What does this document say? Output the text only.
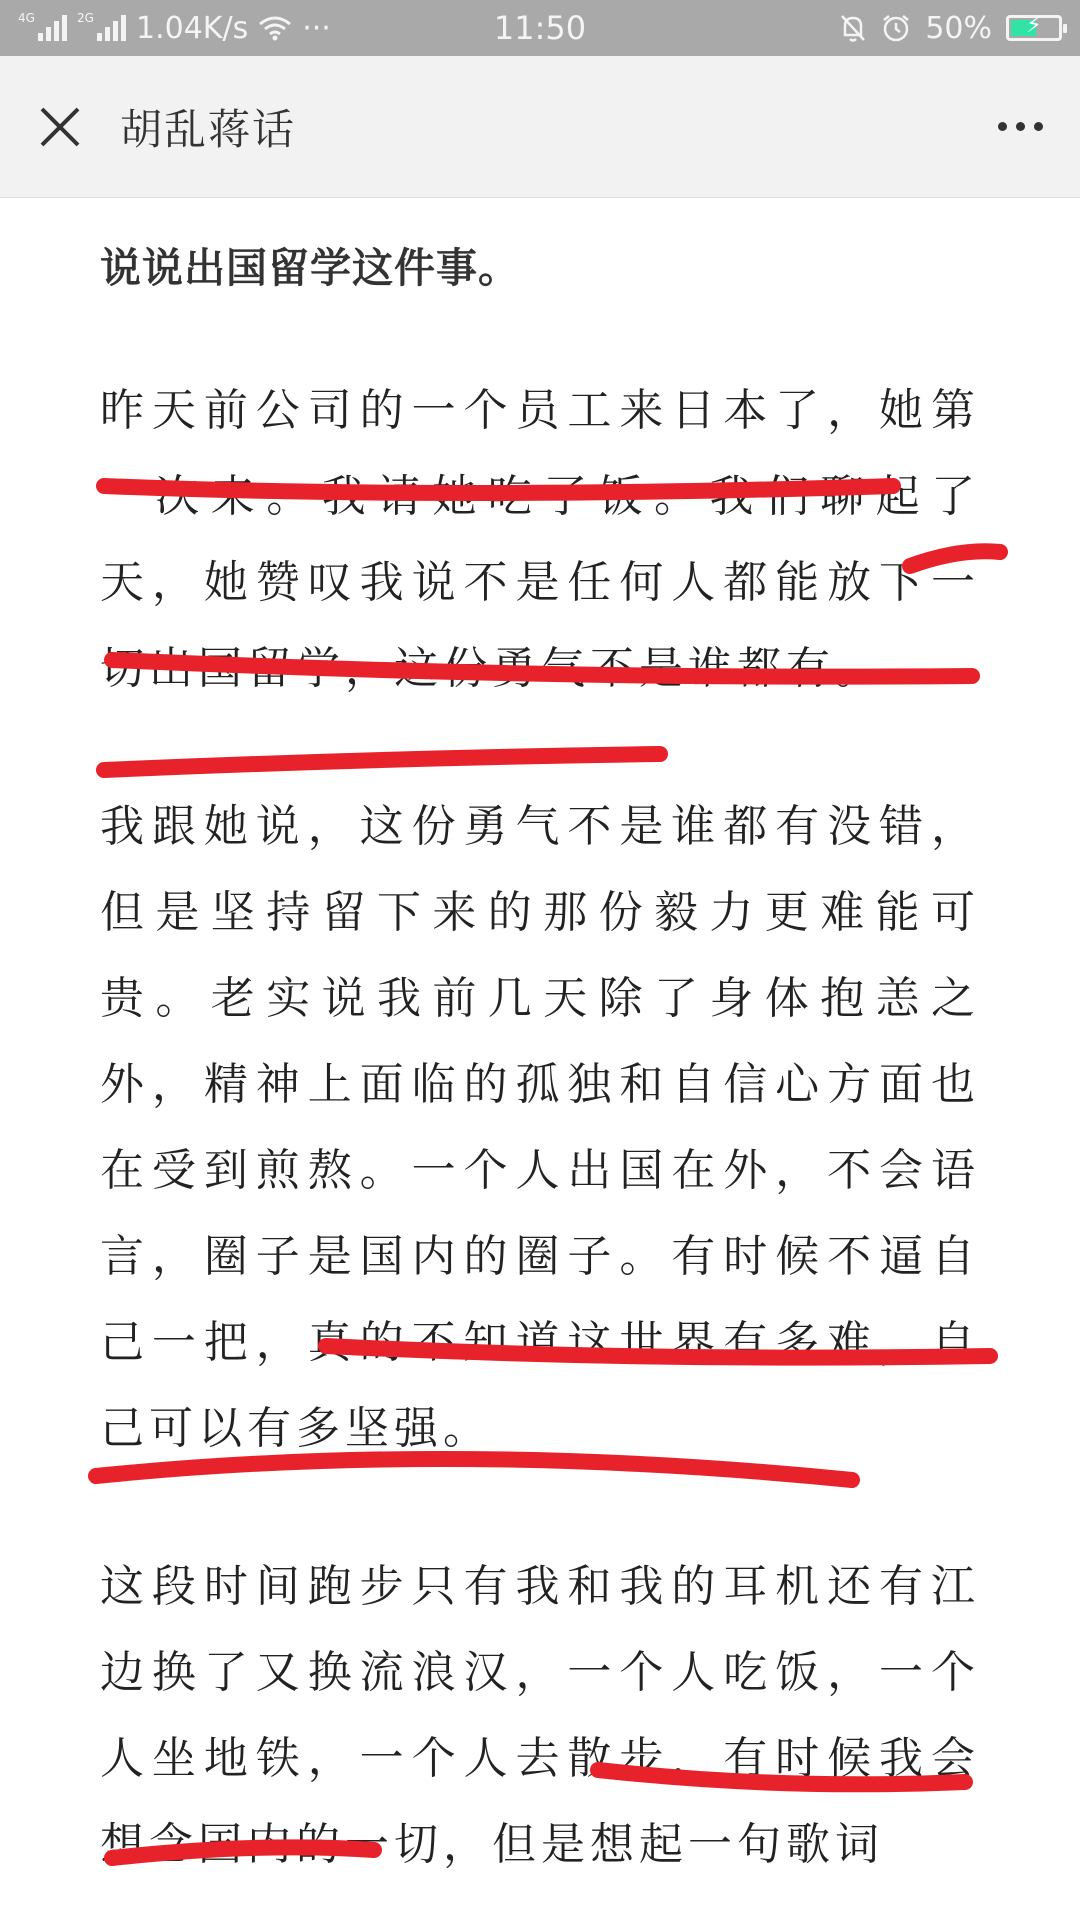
4G	2G 1.04K/s ···	11:50	50%	⚡
胡乱蒋话
说说出国留学这件事。

昨天前公司的一个员工来日本了，她第一次来。我请她吃了饭。我们聊起了天，她赞叹我说不是任何人都能放下一切出国留学，这份勇气不是谁都有。

我跟她说，这份勇气不是谁都有没错，但是坚持留下来的那份毅力更难能可贵。老实说我前几天除了身体抱恙之外，精神上面临的孤独和自信心方面也在受到煎熬。一个人出国在外，不会语言，圈子是国内的圈子。有时候不逼自己一把，真的不知道这世界有多难，自己可以有多坚强。

这段时间跑步只有我和我的耳机还有江边换了又换流浪汉，一个人吃饭，一个人坐地铁，一个人去散步，有时候我会想念国内的一切，但是想起一句歌词
